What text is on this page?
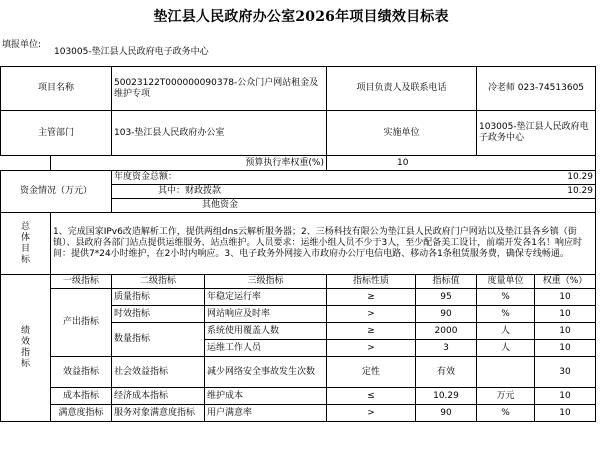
垫江县人民政府办公室2026年项目绩效目标表
填报单位:
103005-垫江县人民政府电子政务中心
项目名称		50023122T000000090378-公众门户网站租金及维护专项		项目负责人及联系电话		冷老师 023-74513605	
主管部门		103-垫江县人民政府办公室		实施单位		103005-垫江县人民政府电子政务中心	
	预算执行率权重(%)			10			
资金情况（万元）		年度资金总额： 10.29					

		其中：财政拨款 10.29					

		其他资金					

总体目标	1、完成国家IPv6改造解析工作，提供两组dns云解析服务器；2、三杨科技有限公为垫江县人民政府门户网站以及垫江县各乡镇（街镇）、县政府各部门站点提供运维服务、站点维护。人员要求：运维小组人员不少于3人，至少配备美工设计，前端开发各1名！响应时间：提供7*24小时维护，在2小时内响应。3、电子政务外网接入市政府办公厅电信电路、移动各1条租赁服务费，确保专线畅通。						
绩效指标	一级指标	二级指标	三级指标	指标性质	指标值	度量单位	权重（%）
	产出指标	质量指标	年稳定运行率	≥	95	%	10
		时效指标	网站响应及时率	>	90	%	10
		数量指标	系统使用覆盖人数	≥	2000	人	10
			运维工作人员	>	3	人	10
	效益指标	社会效益指标	减少网络安全事故发生次数	定性	有效		30
	成本指标	经济成本指标	维护成本	≤	10.29	万元	10
	满意度指标	服务对象满意度指标	用户满意率	>	90	%	10
